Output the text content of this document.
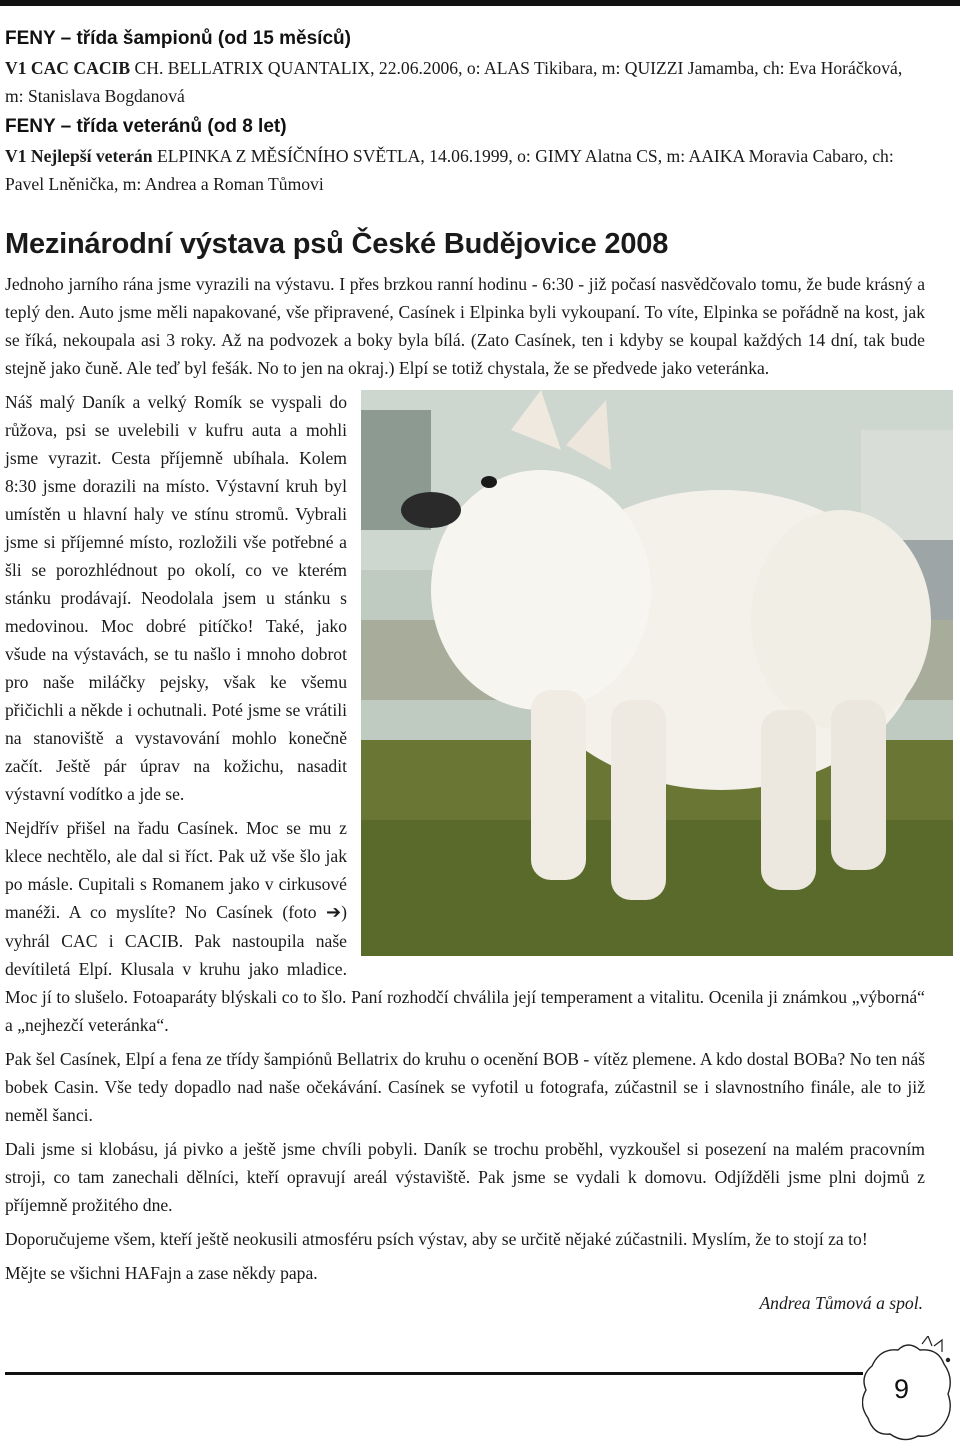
FENY – třída šampionů (od 15 měsíců)
V1 CAC CACIB CH. BELLATRIX QUANTALIX, 22.06.2006, o: ALAS Tikibara, m: QUIZZI Jamamba, ch: Eva Horáčková, m: Stanislava Bogdanová
FENY – třída veteránů (od 8 let)
V1 Nejlepší veterán ELPINKA Z MĚSÍČNÍHO SVĚTLA, 14.06.1999, o: GIMY Alatna CS, m: AAIKA Moravia Cabaro, ch: Pavel Lněnička, m: Andrea a Roman Tůmovi
Mezinárodní výstava psů České Budějovice 2008

Jednoho jarního rána jsme vyrazili na výstavu. I přes brzkou ranní hodinu - 6:30 - již počasí nasvědčovalo tomu, že bude krásný a teplý den. Auto jsme měli napakované, vše připravené, Casínek i Elpinka byli vykoupaní. To víte, Elpinka se pořádně na kost, jak se říká, nekoupala asi 3 roky. Až na podvozek a boky byla bílá. (Zato Casínek, ten i kdyby se koupal každých 14 dní, tak bude stejně jako čuně. Ale teď byl fešák. No to jen na okraj.) Elpí se totiž chystala, že se předvede jako veteránka.

Náš malý Daník a velký Romík se vyspali do růžova, psi se uvelebili v kufru auta a mohli jsme vyrazit. Cesta příjemně ubíhala. Kolem 8:30 jsme dorazili na místo. Výstavní kruh byl umístěn u hlavní haly ve stínu stromů. Vybrali jsme si příjemné místo, rozložili vše potřebné a šli se porozhlédnout po okolí, co ve kterém stánku prodávají. Neodolala jsem u stánku s medovinou. Moc dobré pitíčko! Také, jako všude na výstavách, se tu našlo i mnoho dobrot pro naše miláčky pejsky, však ke všemu přičichli a někde i ochutnali. Poté jsme se vrátili na stanoviště a vystavování mohlo konečně začít. Ještě pár úprav na kožichu, nasadit výstavní vodítko a jde se.

Nejdřív přišel na řadu Casínek. Moc se mu z klece nechtělo, ale dal si říct. Pak už vše šlo jak po másle. Cupitali s Romanem jako v cirkusové manéži. A co myslíte? No Casínek (foto ➔) vyhrál CAC i CACIB. Pak nastoupila naše devítiletá Elpí. Klusala v kruhu jako mladice. Moc jí to slušelo. Fotoaparáty blýskali co to šlo. Paní rozhodčí chválila její temperament a vitalitu. Ocenila ji známkou „výborná“ a „nejhezčí veteránka“.

Pak šel Casínek, Elpí a fena ze třídy šampiónů Bellatrix do kruhu o ocenění BOB - vítěz plemene. A kdo dostal BOBa? No ten náš bobek Casin. Vše tedy dopadlo nad naše očekávání. Casínek se vyfotil u fotografa, zúčastnil se i slavnostního finále, ale to již neměl šanci.

Dali jsme si klobásu, já pivko a ještě jsme chvíli pobyli. Daník se trochu proběhl, vyzkoušel si posezení na malém pracovním stroji, co tam zanechali dělníci, kteří opravují areál výstaviště. Pak jsme se vydali k domovu. Odjížděli jsme plni dojmů z příjemně prožitého dne.

Doporučujeme všem, kteří ještě neokusili atmosféru psích výstav, aby se určitě nějaké zúčastnili. Myslím, že to stojí za to!

Mějte se všichni HAFajn a zase někdy papa.

Andrea Tůmová a spol.
9
